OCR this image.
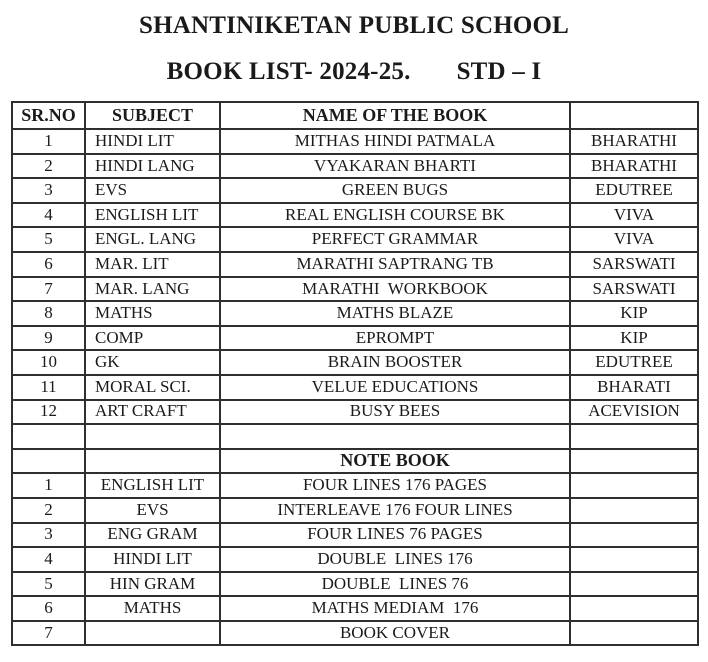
SHANTINIKETAN PUBLIC SCHOOL
BOOK LIST- 2024-25. STD – I
SR.NO	SUBJECT	NAME OF THE BOOK	
1	HINDI LIT	MITHAS HINDI PATMALA	BHARATHI
2	HINDI LANG	VYAKARAN BHARTI	BHARATHI
3	EVS	GREEN BUGS	EDUTREE
4	ENGLISH LIT	REAL ENGLISH COURSE BK	VIVA
5	ENGL. LANG	PERFECT GRAMMAR	VIVA
6	MAR. LIT	MARATHI SAPTRANG TB	SARSWATI
7	MAR. LANG	MARATHI  WORKBOOK	SARSWATI
8	MATHS	MATHS BLAZE	KIP
9	COMP	EPROMPT	KIP
10	GK	BRAIN BOOSTER	EDUTREE
11	MORAL SCI.	VELUE EDUCATIONS	BHARATI
12	ART CRAFT	BUSY BEES	ACEVISION

		NOTE BOOK	
1	ENGLISH LIT	FOUR LINES 176 PAGES	
2	EVS	INTERLEAVE 176 FOUR LINES	
3	ENG GRAM	FOUR LINES 76 PAGES	
4	HINDI LIT	DOUBLE  LINES 176	
5	HIN GRAM	DOUBLE  LINES 76	
6	MATHS	MATHS MEDIAM  176	
7		BOOK COVER	
